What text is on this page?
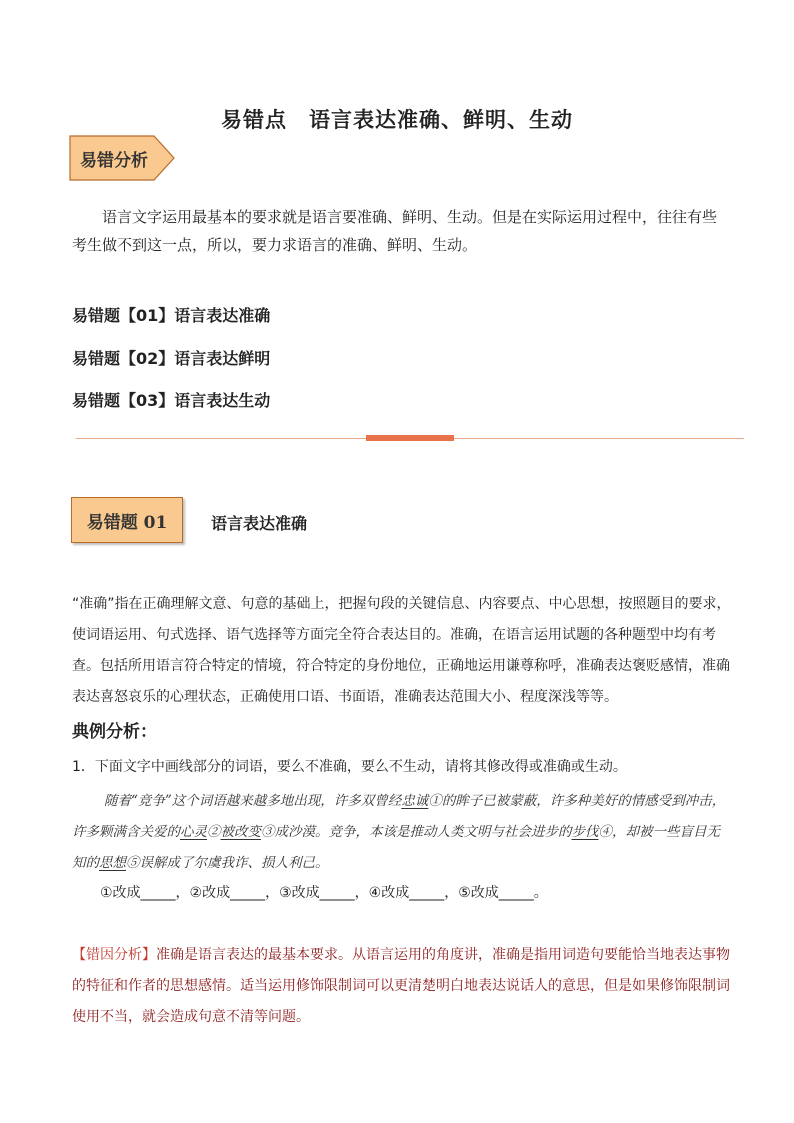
易错点 语言表达准确、鲜明、生动
易错分析
语言文字运用最基本的要求就是语言要准确、鲜明、生动。但是在实际运用过程中，往往有些考生做不到这一点，所以，要力求语言的准确、鲜明、生动。
易错题【01】语言表达准确
易错题【02】语言表达鲜明
易错题【03】语言表达生动
易错题 01	语言表达准确
“准确”指在正确理解文意、句意的基础上，把握句段的关键信息、内容要点、中心思想，按照题目的要求，使词语运用、句式选择、语气选择等方面完全符合表达目的。准确，在语言运用试题的各种题型中均有考查。包括所用语言符合特定的情境，符合特定的身份地位，正确地运用谦尊称呼，准确表达褒贬感情，准确表达喜怒哀乐的心理状态，正确使用口语、书面语，准确表达范围大小、程度深浅等等。
典例分析：
1．下面文字中画线部分的词语，要么不准确，要么不生动，请将其修改得或准确或生动。
随着“竞争”这个词语越来越多地出现，许多双曾经忠诚①的眸子已被蒙蔽，许多种美好的情感受到冲击，许多颗满含关爱的心灵②被改变③成沙漠。竞争，本该是推动人类文明与社会进步的步伐④，却被一些盲目无知的思想⑤误解成了尔虞我诈、损人利己。
①改成_____，②改成_____，③改成_____，④改成_____，⑤改成_____。
【错因分析】准确是语言表达的最基本要求。从语言运用的角度讲，准确是指用词造句要能恰当地表达事物的特征和作者的思想感情。适当运用修饰限制词可以更清楚明白地表达说话人的意思，但是如果修饰限制词使用不当，就会造成句意不清等问题。
